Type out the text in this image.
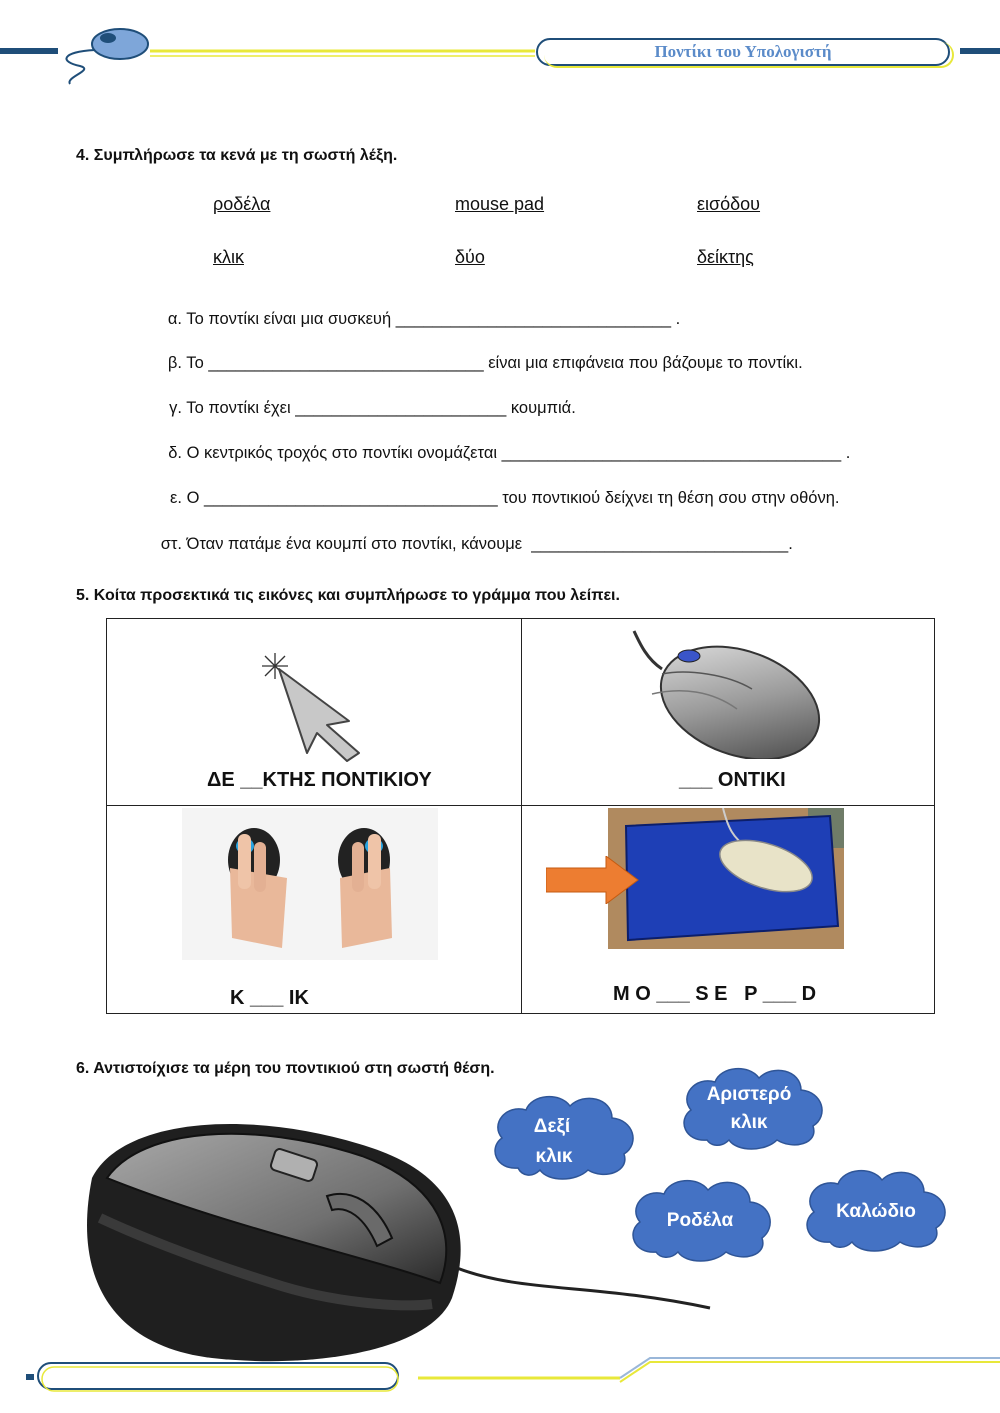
Ποντίκι του Υπολογιστή
4. Συμπλήρωσε τα κενά με τη σωστή λέξη.
ροδέλα	mouse pad	εισόδου
κλικ	δύο	δείκτης
α. Το ποντίκι είναι μια συσκευή ______________________________ .
β. Το ______________________________ είναι μια επιφάνεια που βάζουμε το ποντίκι.
γ. Το ποντίκι έχει _______________________ κουμπιά.
δ. Ο κεντρικός τροχός στο ποντίκι ονομάζεται _____________________________________ .
ε. Ο ________________________________ του ποντικιού δείχνει τη θέση σου στην οθόνη.
στ. Όταν πατάμε ένα κουμπί στο ποντίκι, κάνουμε  ____________________________.
5. Κοίτα προσεκτικά τις εικόνες και συμπλήρωσε το γράμμα που λείπει.
ΔΕ __ΚΤΗΣ ΠΟΝΤΙΚΙΟΥ	___ ΟΝΤΙΚΙ
Κ ___ ΙΚ	Μ Ο ___ S E   P ___ D
6. Αντιστοίχισε τα μέρη του ποντικιού στη σωστή θέση.
Δεξί
κλικ
Αριστερό
κλικ
Ροδέλα	Καλώδιο
